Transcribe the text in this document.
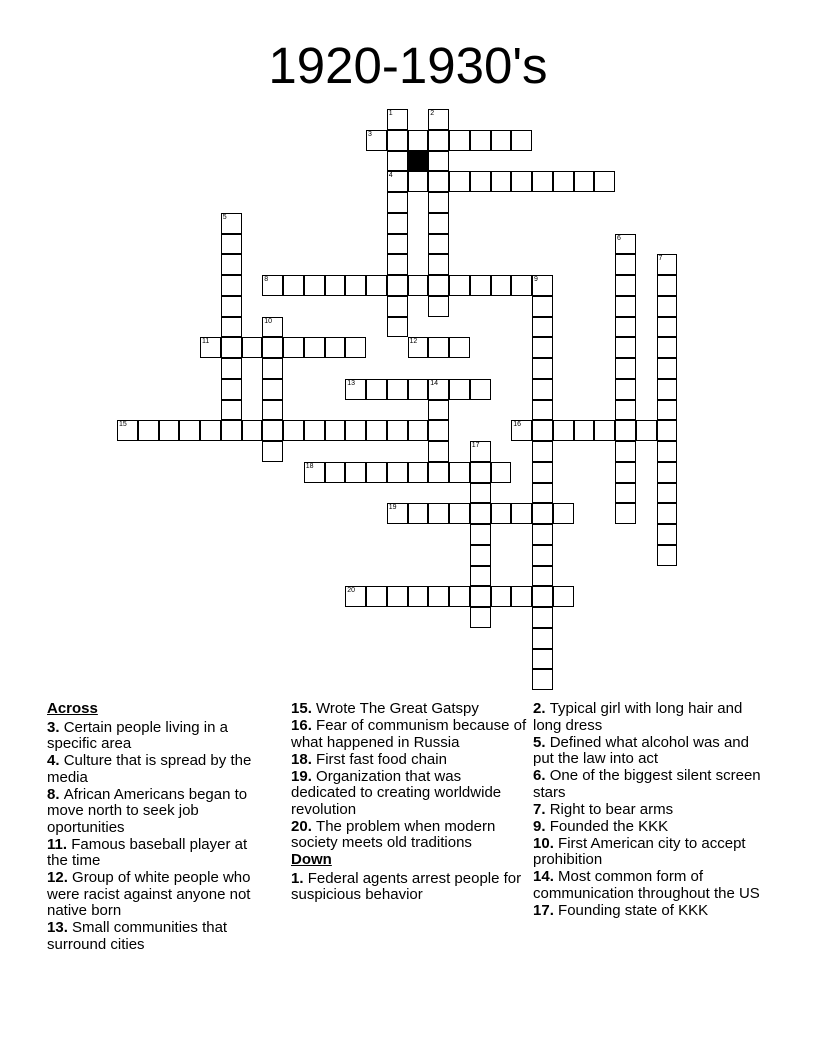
1920-1930's
1
4
2
3
5
6
7
8	9
10
11	12
13	14
15	16
17
18
19
20
Across
3. Certain people living in a specific area
4. Culture that is spread by the media
8. African Americans began to move north to seek job oportunities
11. Famous baseball player at the time
12. Group of white people who were racist against anyone not native born
13. Small communities that surround cities
15. Wrote The Great Gatspy
16. Fear of communism because of what happened in Russia
18. First fast food chain
19. Organization that was dedicated to creating worldwide revolution
20. The problem when modern society meets old traditions
Down
1. Federal agents arrest people for suspicious behavior
2. Typical girl with long hair and long dress
5. Defined what alcohol was and put the law into act
6. One of the biggest silent screen stars
7. Right to bear arms
9. Founded the KKK
10. First American city to accept prohibition
14. Most common form of communication throughout the US
17. Founding state of KKK
